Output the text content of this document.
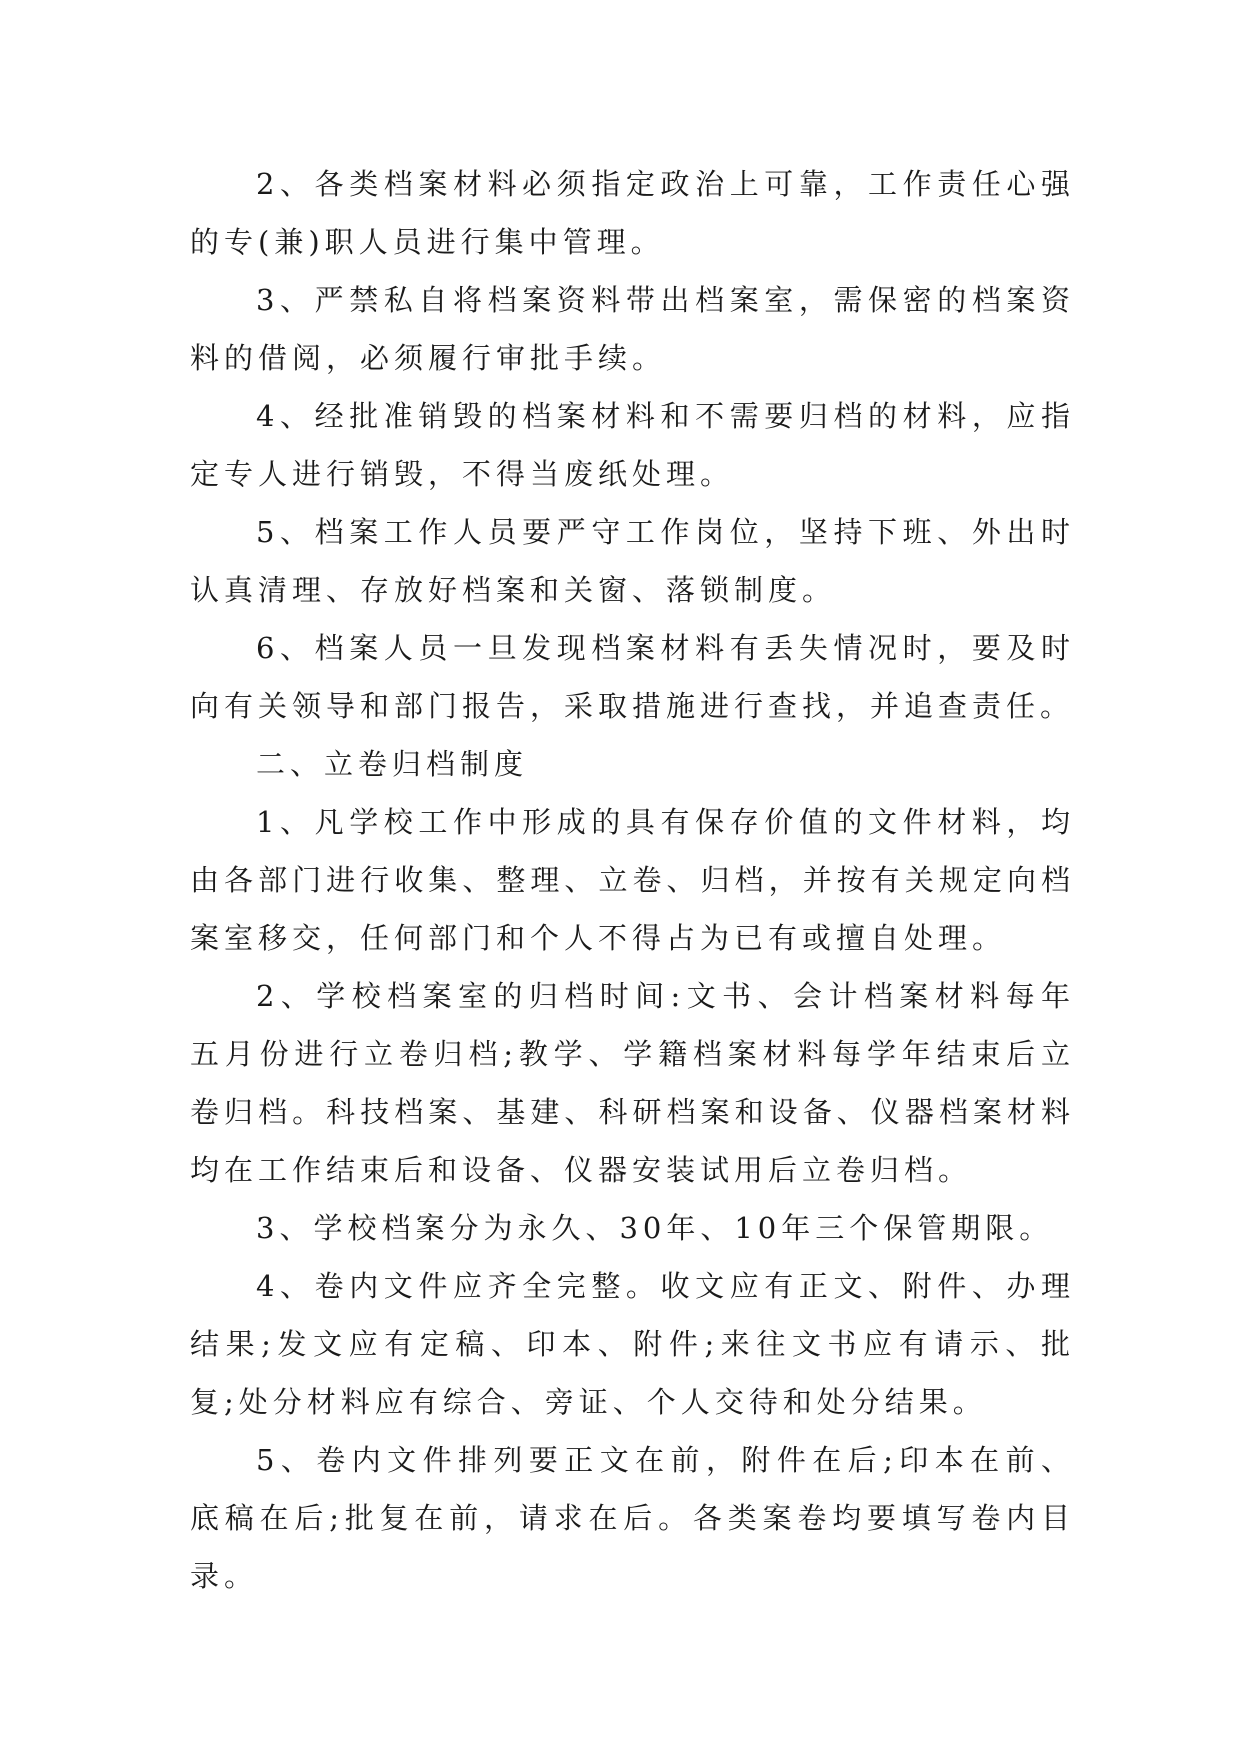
2、各类档案材料必须指定政治上可靠，工作责任心强的专(兼)职人员进行集中管理。

3、严禁私自将档案资料带出档案室，需保密的档案资料的借阅，必须履行审批手续。

4、经批准销毁的档案材料和不需要归档的材料，应指定专人进行销毁，不得当废纸处理。

5、档案工作人员要严守工作岗位，坚持下班、外出时认真清理、存放好档案和关窗、落锁制度。

6、档案人员一旦发现档案材料有丢失情况时，要及时向有关领导和部门报告，采取措施进行查找，并追查责任。

二、立卷归档制度

1、凡学校工作中形成的具有保存价值的文件材料，均由各部门进行收集、整理、立卷、归档，并按有关规定向档案室移交，任何部门和个人不得占为已有或擅自处理。

2、学校档案室的归档时间:文书、会计档案材料每年五月份进行立卷归档;教学、学籍档案材料每学年结束后立卷归档。科技档案、基建、科研档案和设备、仪器档案材料均在工作结束后和设备、仪器安装试用后立卷归档。

3、学校档案分为永久、30年、10年三个保管期限。

4、卷内文件应齐全完整。收文应有正文、附件、办理结果;发文应有定稿、印本、附件;来往文书应有请示、批复;处分材料应有综合、旁证、个人交待和处分结果。

5、卷内文件排列要正文在前，附件在后;印本在前、底稿在后;批复在前，请求在后。各类案卷均要填写卷内目录。
